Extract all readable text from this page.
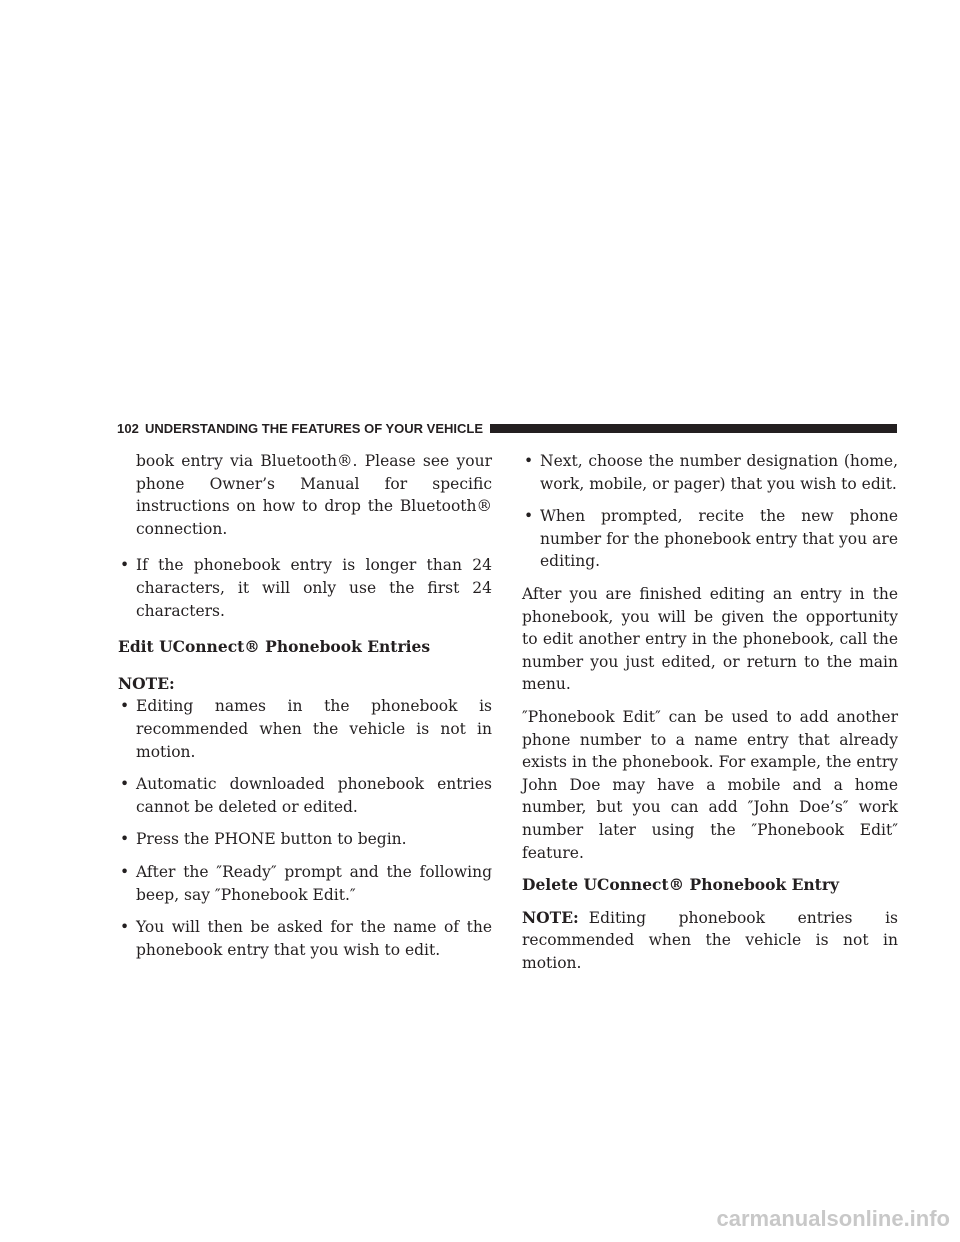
102 UNDERSTANDING THE FEATURES OF YOUR VEHICLE

book entry via Bluetooth®. Please see your phone Owner’s Manual for specific instructions on how to drop the Bluetooth® connection.

• If the phonebook entry is longer than 24 characters, it will only use the first 24 characters.

Edit UConnect® Phonebook Entries

NOTE:

• Editing names in the phonebook is recommended when the vehicle is not in motion.
• Automatic downloaded phonebook entries cannot be deleted or edited.
• Press the PHONE button to begin.
• After the ″Ready″ prompt and the following beep, say ″Phonebook Edit.″
• You will then be asked for the name of the phonebook entry that you wish to edit.
• Next, choose the number designation (home, work, mobile, or pager) that you wish to edit.
• When prompted, recite the new phone number for the phonebook entry that you are editing.

After you are finished editing an entry in the phonebook, you will be given the opportunity to edit another entry in the phonebook, call the number you just edited, or return to the main menu.

″Phonebook Edit″ can be used to add another phone number to a name entry that already exists in the phonebook. For example, the entry John Doe may have a mobile and a home number, but you can add ″John Doe’s″ work number later using the ″Phonebook Edit″ feature.

Delete UConnect® Phonebook Entry

NOTE: Editing phonebook entries is recommended when the vehicle is not in motion.

carmanualsonline.info
